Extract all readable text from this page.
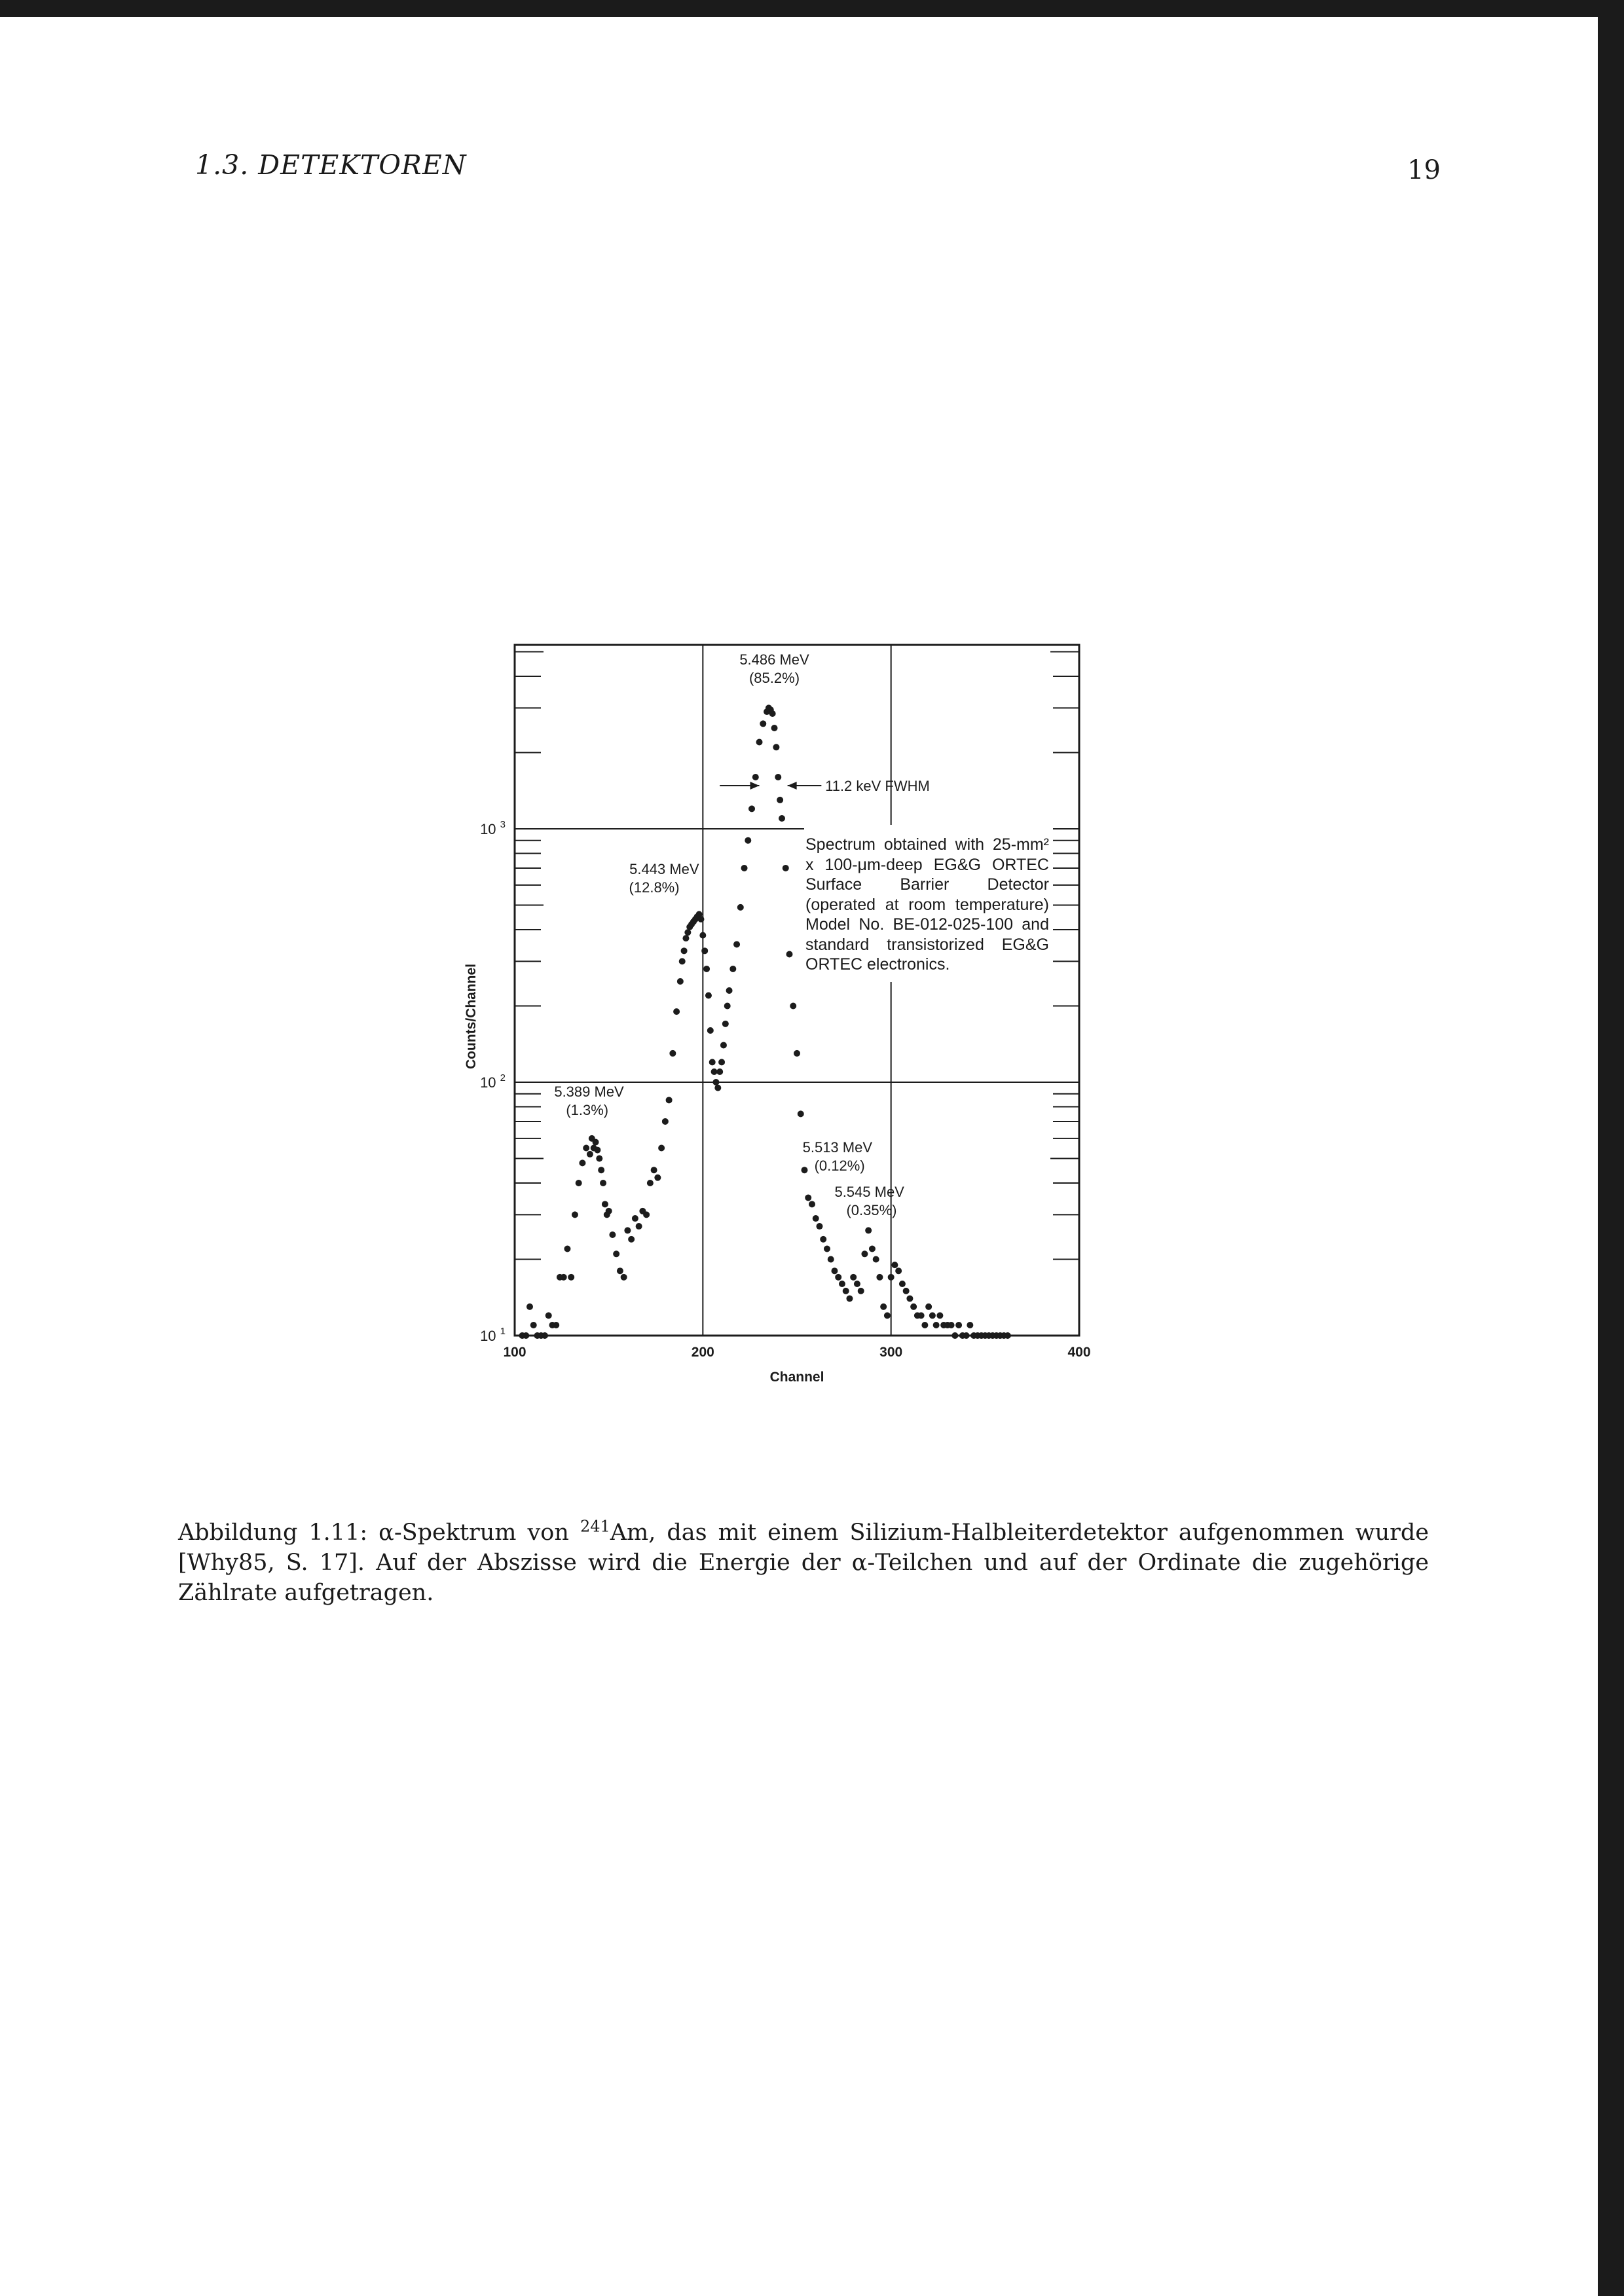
1.3. DETEKTOREN	19
10 $^1$
10 $^2$
10 $^3$
100	200	300	400
Channel
Counts/Channel
5.486 MeV
(85.2%)
5.443 MeV
(12.8%)
5.389 MeV
(1.3%)
5.513 MeV
(0.12%)
5.545 MeV
(0.35%)
11.2 keV FWHM
Spectrum obtained with 25-mm² x 100-μm-deep EG&G ORTEC Surface Barrier Detector (operated at room temperature) Model No. BE-012-025-100 and standard transistorized EG&G ORTEC electronics.
Abbildung 1.11: α-Spektrum von $^{241}$Am, das mit einem Silizium-Halbleiterdetektor aufgenommen wurde [Why85, S. 17]. Auf der Abszisse wird die Energie der α-Teilchen und auf der Ordinate die zugehörige Zählrate aufgetragen.
